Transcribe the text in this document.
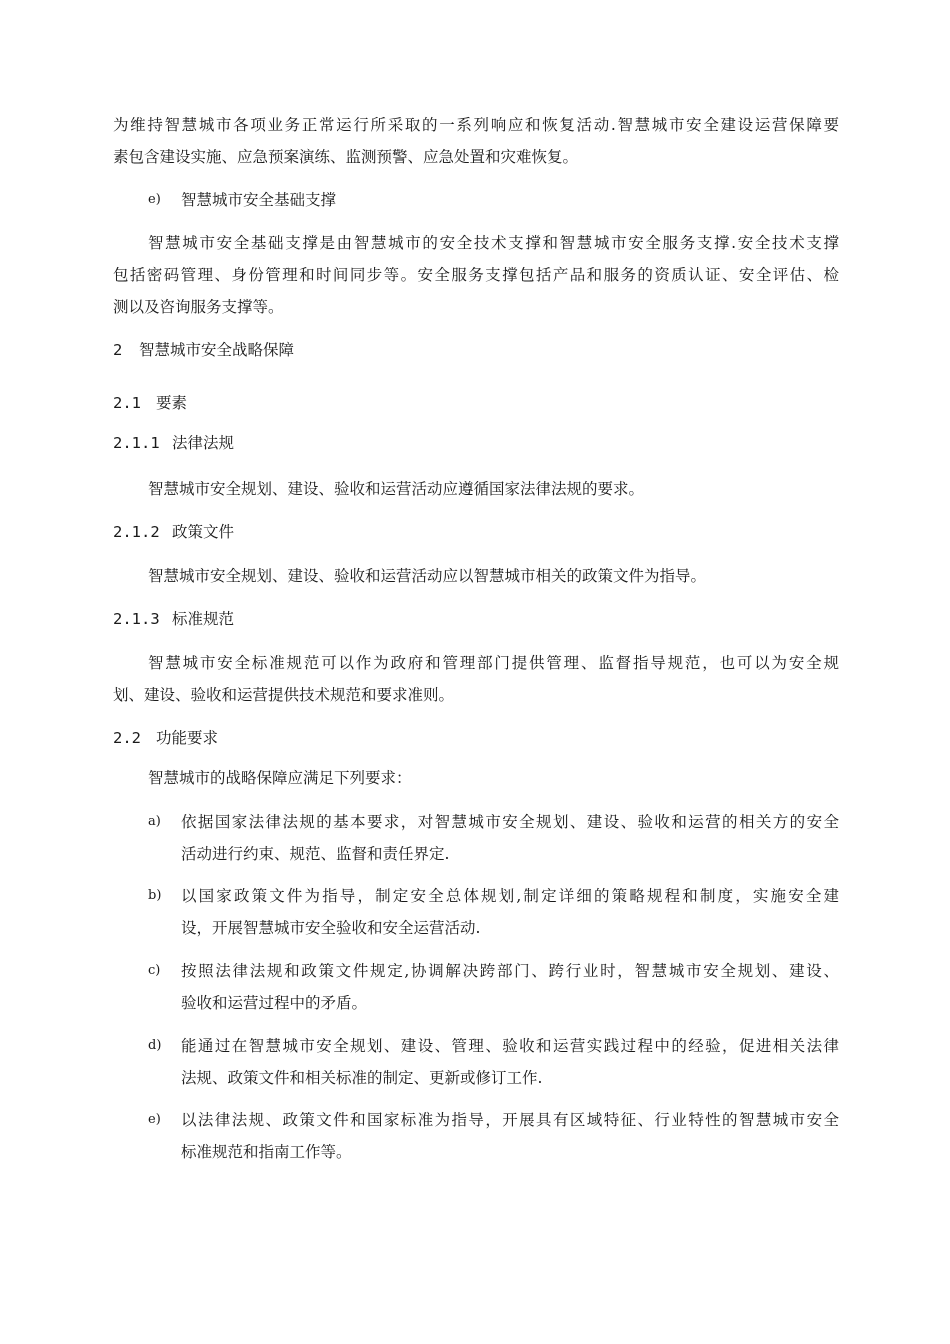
为维持智慧城市各项业务正常运行所采取的一系列响应和恢复活动.智慧城市安全建设运营保障要
素包含建设实施、应急预案演练、监测预警、应急处置和灾难恢复。
e) 智慧城市安全基础支撑
智慧城市安全基础支撑是由智慧城市的安全技术支撑和智慧城市安全服务支撑.安全技术支撑
包括密码管理、身份管理和时间同步等。安全服务支撑包括产品和服务的资质认证、安全评估、检
测以及咨询服务支撑等。
2 智慧城市安全战略保障
2.1 要素
2.1.1 法律法规
智慧城市安全规划、建设、验收和运营活动应遵循国家法律法规的要求。
2.1.2 政策文件
智慧城市安全规划、建设、验收和运营活动应以智慧城市相关的政策文件为指导。
2.1.3 标准规范
智慧城市安全标准规范可以作为政府和管理部门提供管理、监督指导规范，也可以为安全规
划、建设、验收和运营提供技术规范和要求准则。
2.2 功能要求
智慧城市的战略保障应满足下列要求：
a) 依据国家法律法规的基本要求，对智慧城市安全规划、建设、验收和运营的相关方的安全
活动进行约束、规范、监督和责任界定.
b) 以国家政策文件为指导，制定安全总体规划,制定详细的策略规程和制度，实施安全建
设，开展智慧城市安全验收和安全运营活动.
c) 按照法律法规和政策文件规定,协调解决跨部门、跨行业时，智慧城市安全规划、建设、
验收和运营过程中的矛盾。
d) 能通过在智慧城市安全规划、建设、管理、验收和运营实践过程中的经验，促进相关法律
法规、政策文件和相关标准的制定、更新或修订工作.
e) 以法律法规、政策文件和国家标准为指导，开展具有区域特征、行业特性的智慧城市安全
标准规范和指南工作等。
